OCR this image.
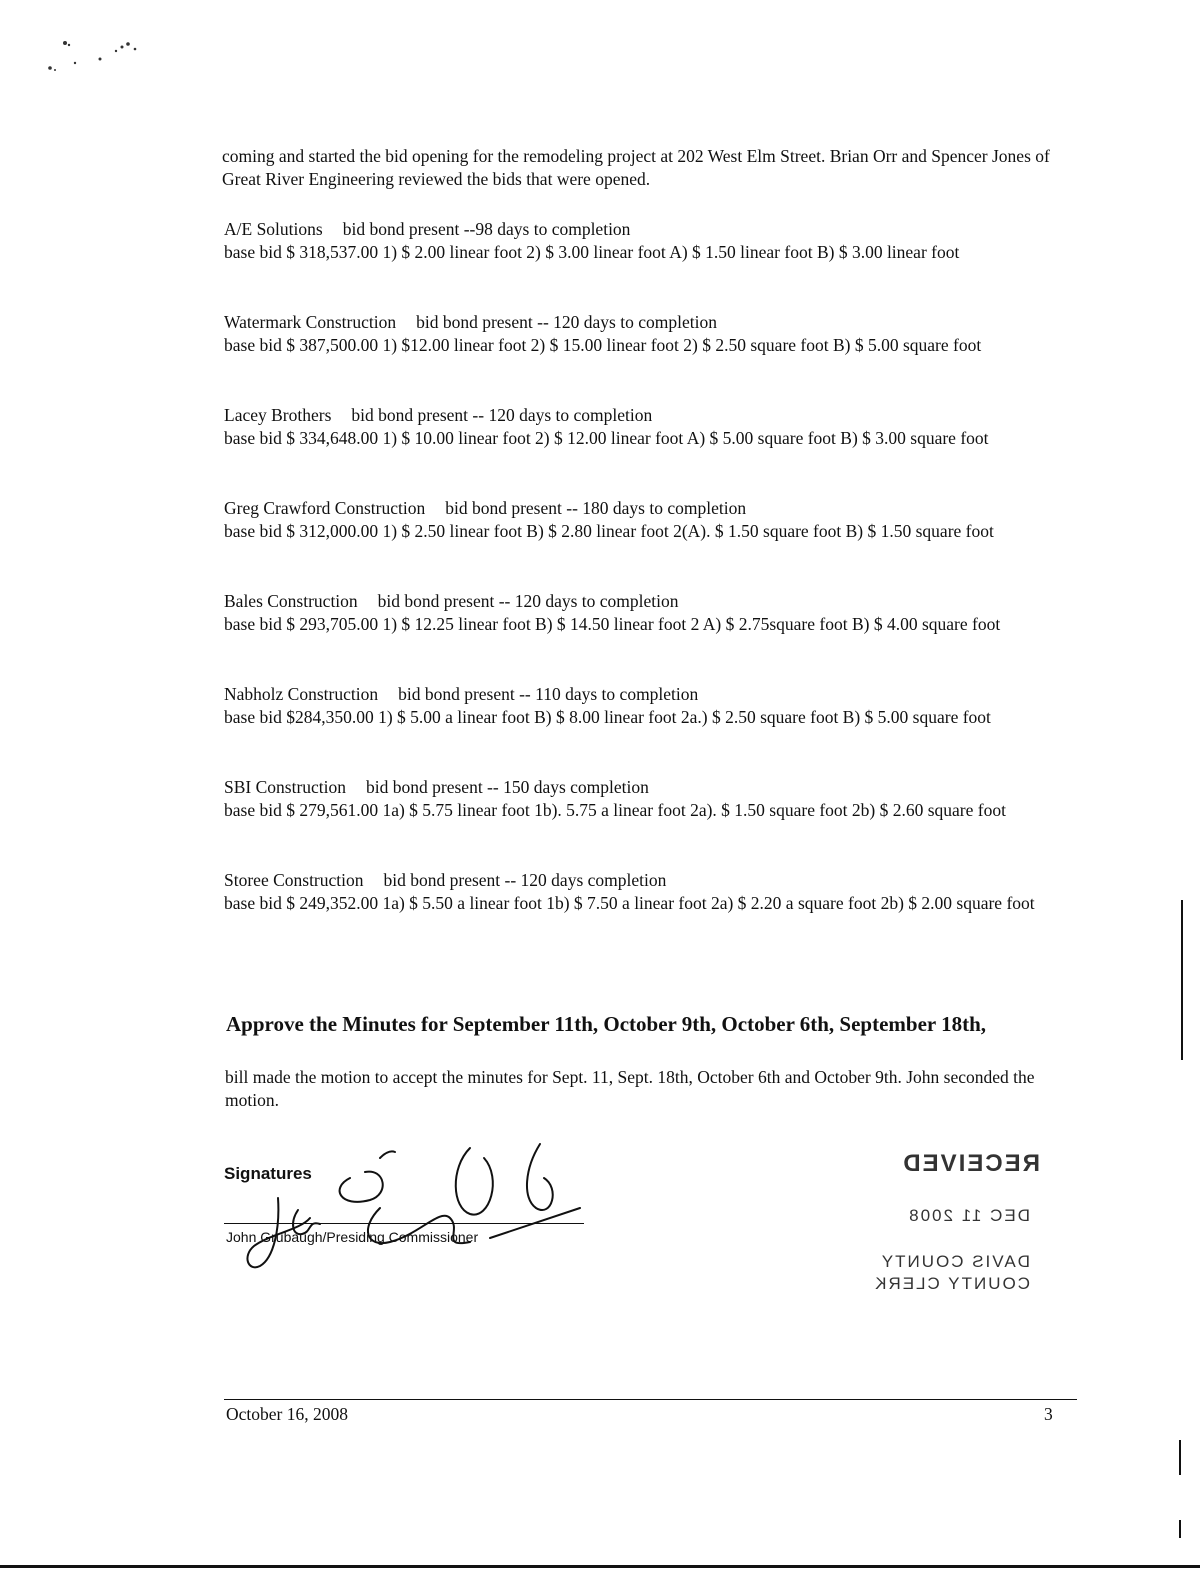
coming and started the bid opening for the remodeling project at 202 West Elm Street. Brian Orr and Spencer Jones of Great River Engineering reviewed the bids that were opened.
A/E Solutions bid bond present --98 days to completion
base bid $ 318,537.00 1) $ 2.00 linear foot 2) $ 3.00 linear foot A) $ 1.50 linear foot B) $ 3.00 linear foot
Watermark Construction bid bond present -- 120 days to completion
base bid $ 387,500.00 1) $12.00 linear foot 2) $ 15.00 linear foot 2) $ 2.50 square foot B) $ 5.00 square foot
Lacey Brothers bid bond present -- 120 days to completion
base bid $ 334,648.00 1) $ 10.00 linear foot 2) $ 12.00 linear foot A) $ 5.00 square foot B) $ 3.00 square foot
Greg Crawford Construction bid bond present -- 180 days to completion
base bid $ 312,000.00 1) $ 2.50 linear foot B) $ 2.80 linear foot 2(A). $ 1.50 square foot B) $ 1.50 square foot
Bales Construction bid bond present -- 120 days to completion
base bid $ 293,705.00 1) $ 12.25 linear foot B) $ 14.50 linear foot 2 A) $ 2.75square foot B) $ 4.00 square foot
Nabholz Construction bid bond present -- 110 days to completion
base bid $284,350.00 1) $ 5.00 a linear foot B) $ 8.00 linear foot 2a.) $ 2.50 square foot B) $ 5.00 square foot
SBI Construction bid bond present -- 150 days completion
base bid $ 279,561.00 1a) $ 5.75 linear foot 1b). 5.75 a linear foot 2a). $ 1.50 square foot 2b) $ 2.60 square foot
Storee Construction bid bond present -- 120 days completion
base bid $ 249,352.00 1a) $ 5.50 a linear foot 1b) $ 7.50 a linear foot 2a) $ 2.20 a square foot 2b) $ 2.00 square foot
Approve the Minutes for September 11th, October 9th, October 6th, September 18th,
bill made the motion to accept the minutes for Sept. 11, Sept. 18th, October 6th and October 9th. John seconded the motion.
Signatures
John Grubaugh/Presiding Commissioner
RECEIVED
DEC 11 2008
DAVIS COUNTY
COUNTY CLERK
October 16, 2008	3
